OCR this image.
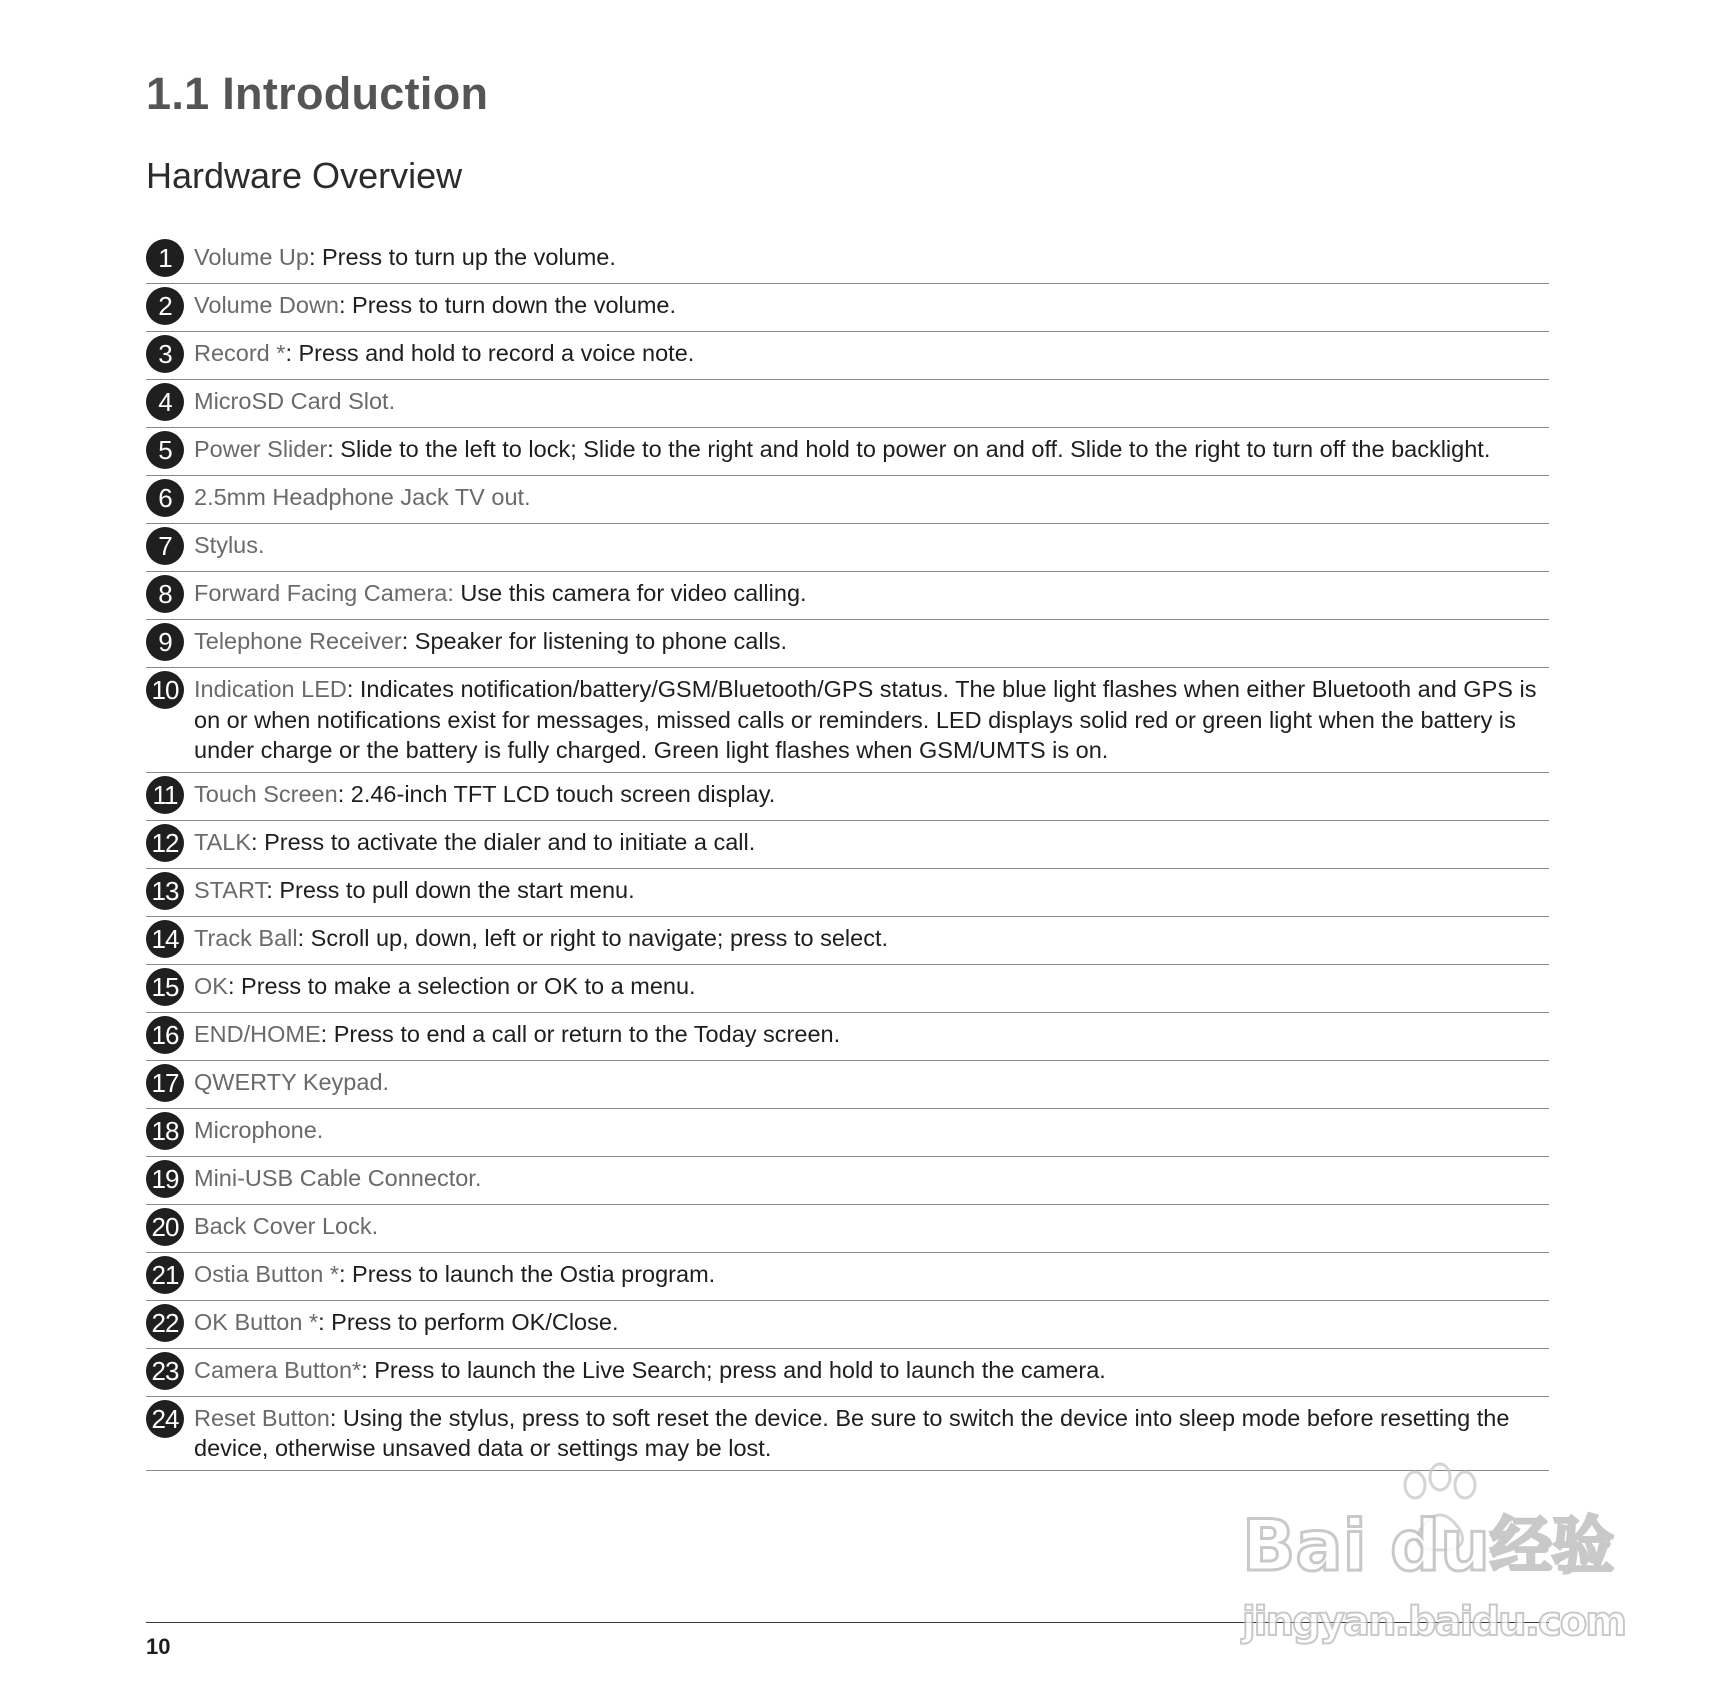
1.1 Introduction
Hardware Overview
1 Volume Up: Press to turn up the volume.
2 Volume Down: Press to turn down the volume.
3 Record *: Press and hold to record a voice note.
4 MicroSD Card Slot.
5 Power Slider: Slide to the left to lock; Slide to the right and hold to power on and off. Slide to the right to turn off the backlight.
6 2.5mm Headphone Jack TV out.
7 Stylus.
8 Forward Facing Camera: Use this camera for video calling.
9 Telephone Receiver: Speaker for listening to phone calls.
10 Indication LED: Indicates notification/battery/GSM/Bluetooth/GPS status. The blue light flashes when either Bluetooth and GPS is on or when notifications exist for messages, missed calls or reminders. LED displays solid red or green light when the battery is under charge or the battery is fully charged. Green light flashes when GSM/UMTS is on.
11 Touch Screen: 2.46-inch TFT LCD touch screen display.
12 TALK: Press to activate the dialer and to initiate a call.
13 START: Press to pull down the start menu.
14 Track Ball: Scroll up, down, left or right to navigate; press to select.
15 OK: Press to make a selection or OK to a menu.
16 END/HOME: Press to end a call or return to the Today screen.
17 QWERTY Keypad.
18 Microphone.
19 Mini-USB Cable Connector.
20 Back Cover Lock.
21 Ostia Button *: Press to launch the Ostia program.
22 OK Button *: Press to perform OK/Close.
23 Camera Button*: Press to launch the Live Search; press and hold to launch the camera.
24 Reset Button: Using the stylus, press to soft reset the device. Be sure to switch the device into sleep mode before resetting the device, otherwise unsaved data or settings may be lost.
10
Bai du 经验
jingyan.baidu.com
